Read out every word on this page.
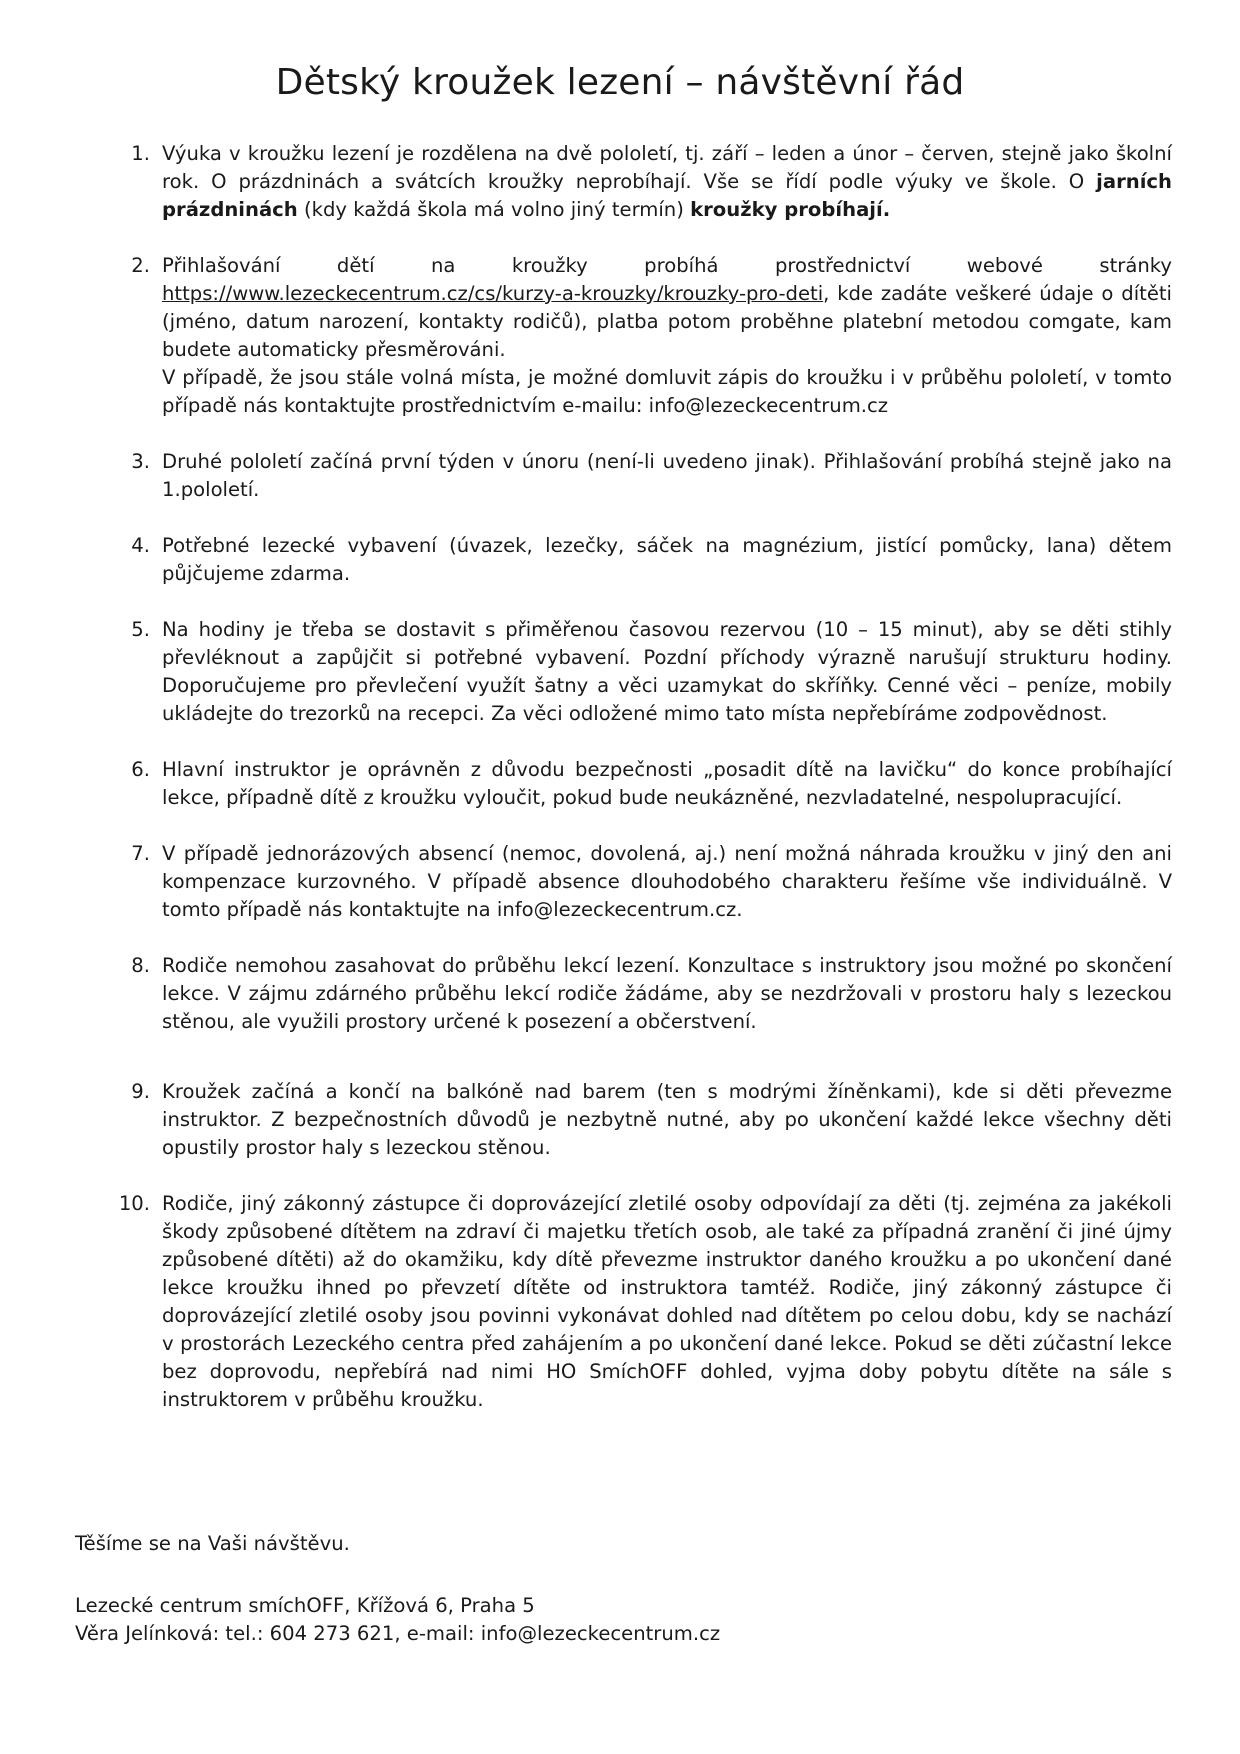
Dětský kroužek lezení – návštěvní řád
1. Výuka v kroužku lezení je rozdělena na dvě pololetí, tj. září – leden a únor – červen, stejně jako školní rok. O prázdninách a svátcích kroužky neprobíhají. Vše se řídí podle výuky ve škole. O jarních prázdninách (kdy každá škola má volno jiný termín) kroužky probíhají.
2. Přihlašování dětí na kroužky probíhá prostřednictví webové stránky https://www.lezeckecentrum.cz/cs/kurzy-a-krouzky/krouzky-pro-deti, kde zadáte veškeré údaje o dítěti (jméno, datum narození, kontakty rodičů), platba potom proběhne platební metodou comgate, kam budete automaticky přesměrováni.

V případě, že jsou stále volná místa, je možné domluvit zápis do kroužku i v průběhu pololetí, v tomto případě nás kontaktujte prostřednictvím e-mailu: info@lezeckecentrum.cz

3. Druhé pololetí začíná první týden v únoru (není-li uvedeno jinak). Přihlašování probíhá stejně jako na 1.pololetí.
4. Potřebné lezecké vybavení (úvazek, lezečky, sáček na magnézium, jistící pomůcky, lana) dětem půjčujeme zdarma.
5. Na hodiny je třeba se dostavit s přiměřenou časovou rezervou (10 – 15 minut), aby se děti stihly převléknout a zapůjčit si potřebné vybavení. Pozdní příchody výrazně narušují strukturu hodiny. Doporučujeme pro převlečení využít šatny a věci uzamykat do skříňky. Cenné věci – peníze, mobily ukládejte do trezorků na recepci. Za věci odložené mimo tato místa nepřebíráme zodpovědnost.
6. Hlavní instruktor je oprávněn z důvodu bezpečnosti „posadit dítě na lavičku“ do konce probíhající lekce, případně dítě z kroužku vyloučit, pokud bude neukázněné, nezvladatelné, nespolupracující.
7. V případě jednorázových absencí (nemoc, dovolená, aj.) není možná náhrada kroužku v jiný den ani kompenzace kurzovného. V případě absence dlouhodobého charakteru řešíme vše individuálně. V tomto případě nás kontaktujte na info@lezeckecentrum.cz.
8. Rodiče nemohou zasahovat do průběhu lekcí lezení. Konzultace s instruktory jsou možné po skončení lekce. V zájmu zdárného průběhu lekcí rodiče žádáme, aby se nezdržovali v prostoru haly s lezeckou stěnou, ale využili prostory určené k posezení a občerstvení.
9. Kroužek začíná a končí na balkóně nad barem (ten s modrými žíněnkami), kde si děti převezme instruktor. Z bezpečnostních důvodů je nezbytně nutné, aby po ukončení každé lekce všechny děti opustily prostor haly s lezeckou stěnou.
10. Rodiče, jiný zákonný zástupce či doprovázející zletilé osoby odpovídají za děti (tj. zejména za jakékoli škody způsobené dítětem na zdraví či majetku třetích osob, ale také za případná zranění či jiné újmy způsobené dítěti) až do okamžiku, kdy dítě převezme instruktor daného kroužku a po ukončení dané lekce kroužku ihned po převzetí dítěte od instruktora tamtéž. Rodiče, jiný zákonný zástupce či doprovázející zletilé osoby jsou povinni vykonávat dohled nad dítětem po celou dobu, kdy se nachází v prostorách Lezeckého centra před zahájením a po ukončení dané lekce. Pokud se děti zúčastní lekce bez doprovodu, nepřebírá nad nimi HO SmíchOFF dohled, vyjma doby pobytu dítěte na sále s instruktorem v průběhu kroužku.
Těšíme se na Vaši návštěvu.
Lezecké centrum smíchOFF, Křížová 6, Praha 5
Věra Jelínková: tel.: 604 273 621, e-mail: info@lezeckecentrum.cz
